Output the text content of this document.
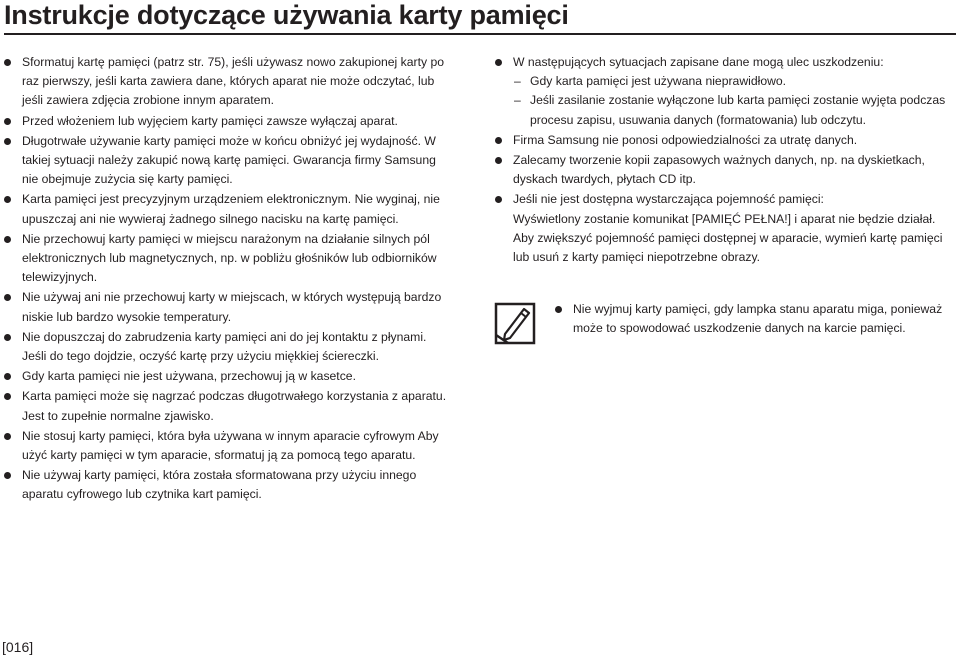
Instrukcje dotyczące używania karty pamięci
Sformatuj kartę pamięci (patrz str. 75), jeśli używasz nowo zakupionej karty po raz pierwszy, jeśli karta zawiera dane, których aparat nie może odczytać, lub jeśli zawiera zdjęcia zrobione innym aparatem.
Przed włożeniem lub wyjęciem karty pamięci zawsze wyłączaj aparat.
Długotrwałe używanie karty pamięci może w końcu obniżyć jej wydajność. W takiej sytuacji należy zakupić nową kartę pamięci. Gwarancja firmy Samsung nie obejmuje zużycia się karty pamięci.
Karta pamięci jest precyzyjnym urządzeniem elektronicznym. Nie wyginaj, nie upuszczaj ani nie wywieraj żadnego silnego nacisku na kartę pamięci.
Nie przechowuj karty pamięci w miejscu narażonym na działanie silnych pól elektronicznych lub magnetycznych, np. w pobliżu głośników lub odbiorników telewizyjnych.
Nie używaj ani nie przechowuj karty w miejscach, w których występują bardzo niskie lub bardzo wysokie temperatury.
Nie dopuszczaj do zabrudzenia karty pamięci ani do jej kontaktu z płynami. Jeśli do tego dojdzie, oczyść kartę przy użyciu miękkiej ściereczki.
Gdy karta pamięci nie jest używana, przechowuj ją w kasetce.
Karta pamięci może się nagrzać podczas długotrwałego korzystania z aparatu. Jest to zupełnie normalne zjawisko.
Nie stosuj karty pamięci, która była używana w innym aparacie cyfrowym Aby użyć karty pamięci w tym aparacie, sformatuj ją za pomocą tego aparatu.
Nie używaj karty pamięci, która została sformatowana przy użyciu innego aparatu cyfrowego lub czytnika kart pamięci.
W następujących sytuacjach zapisane dane mogą ulec uszkodzeniu:
– Gdy karta pamięci jest używana nieprawidłowo.
– Jeśli zasilanie zostanie wyłączone lub karta pamięci zostanie wyjęta podczas procesu zapisu, usuwania danych (formatowania) lub odczytu.
Firma Samsung nie ponosi odpowiedzialności za utratę danych.
Zalecamy tworzenie kopii zapasowych ważnych danych, np. na dyskietkach, dyskach twardych, płytach CD itp.
Jeśli nie jest dostępna wystarczająca pojemność pamięci:
Wyświetlony zostanie komunikat [PAMIĘĆ PEŁNA!] i aparat nie będzie działał. Aby zwiększyć pojemność pamięci dostępnej w aparacie, wymień kartę pamięci lub usuń z karty pamięci niepotrzebne obrazy.
Nie wyjmuj karty pamięci, gdy lampka stanu aparatu miga, ponieważ może to spowodować uszkodzenie danych na karcie pamięci.
[016]
